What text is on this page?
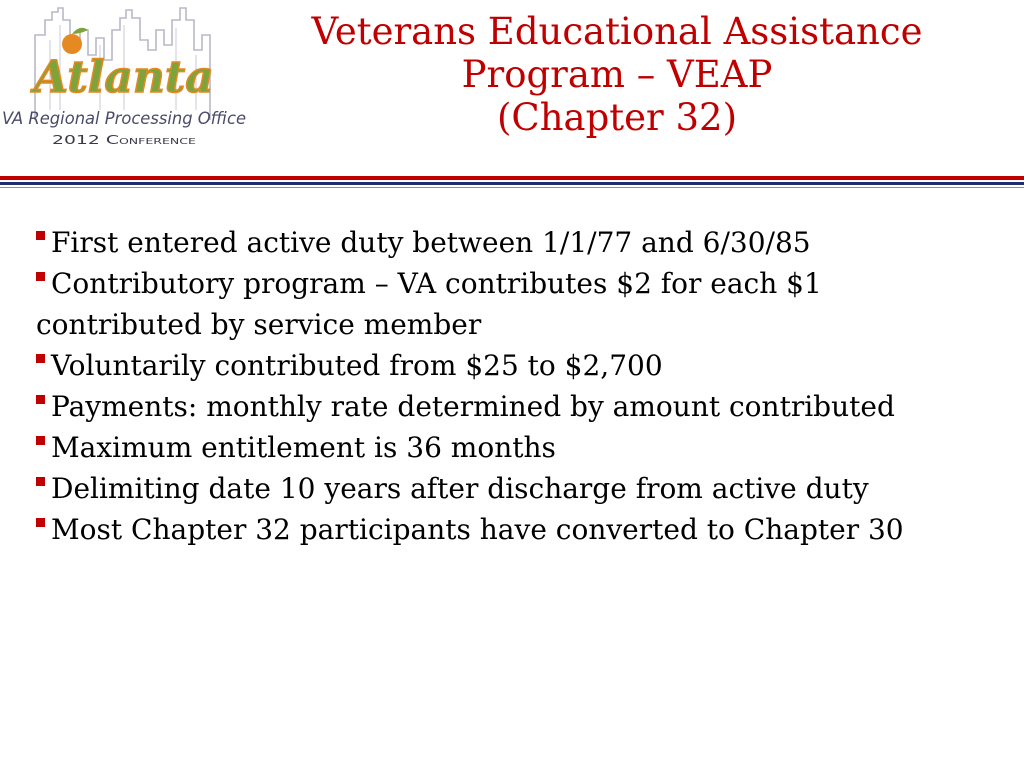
Atlanta
VA Regional Processing Office
2012 Conference
Veterans Educational Assistance
Program – VEAP
(Chapter 32)
First entered active duty between 1/1/77 and 6/30/85
Contributory program – VA contributes $2 for each $1 contributed by service member
Voluntarily contributed from $25 to $2,700
Payments: monthly rate determined by amount contributed
Maximum entitlement is 36 months
Delimiting date 10 years after discharge from active duty
Most Chapter 32 participants have converted to Chapter 30
